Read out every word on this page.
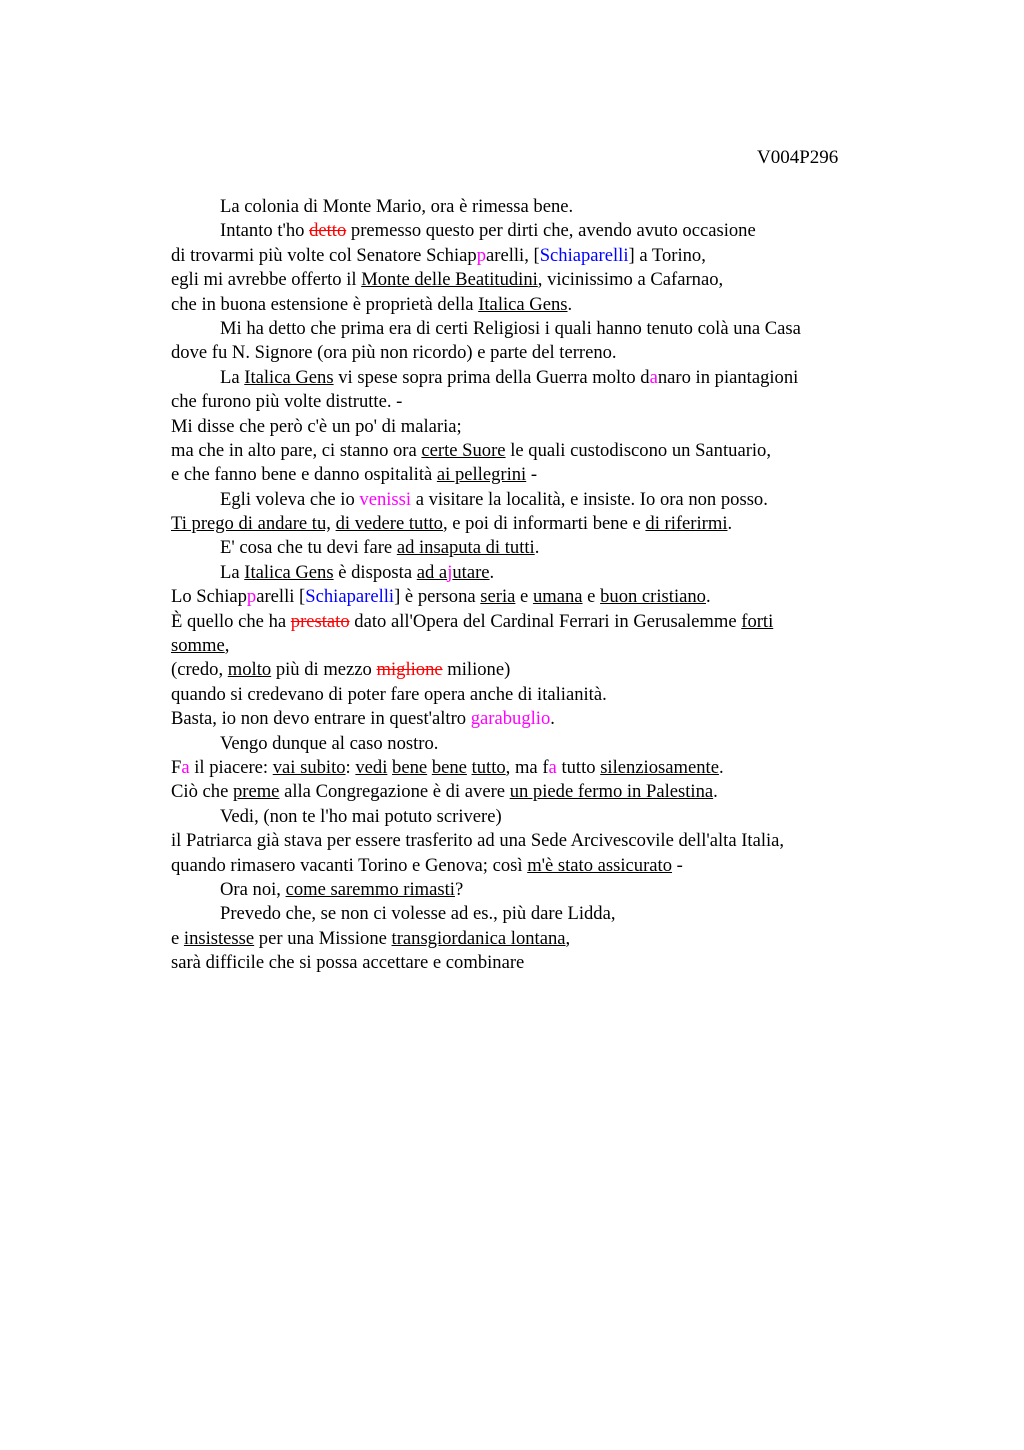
V004P296
La colonia di Monte Mario, ora è rimessa bene.
Intanto t'ho detto premesso questo per dirti che, avendo avuto occasione
di trovarmi più volte col Senatore Schiapparelli, [Schiaparelli] a Torino,
egli mi avrebbe offerto il Monte delle Beatitudini, vicinissimo a Cafarnao,
che in buona estensione è proprietà della Italica Gens.
Mi ha detto che prima era di certi Religiosi i quali hanno tenuto colà una Casa
dove fu N. Signore (ora più non ricordo) e parte del terreno.
La Italica Gens vi spese sopra prima della Guerra molto danaro in piantagioni
che furono più volte distrutte. -
Mi disse che però c'è un po' di malaria;
ma che in alto pare, ci stanno ora certe Suore le quali custodiscono un Santuario,
e che fanno bene e danno ospitalità ai pellegrini -
Egli voleva che io venissi a visitare la località, e insiste. Io ora non posso.
Ti prego di andare tu, di vedere tutto, e poi di informarti bene e di riferirmi.
E' cosa che tu devi fare ad insaputa di tutti.
La Italica Gens è disposta ad ajutare.
Lo Schiapparelli [Schiaparelli] è persona seria e umana e buon cristiano.
È quello che ha prestato dato all'Opera del Cardinal Ferrari in Gerusalemme forti
somme,
(credo, molto più di mezzo miglione milione)
quando si credevano di poter fare opera anche di italianità.
Basta, io non devo entrare in quest'altro garabuglio.
Vengo dunque al caso nostro.
Fa il piacere: vai subito: vedi bene bene tutto, ma fa tutto silenziosamente.
Ciò che preme alla Congregazione è di avere un piede fermo in Palestina.
Vedi, (non te l'ho mai potuto scrivere)
il Patriarca già stava per essere trasferito ad una Sede Arcivescovile dell'alta Italia,
quando rimasero vacanti Torino e Genova; così m'è stato assicurato -
Ora noi, come saremmo rimasti?
Prevedo che, se non ci volesse ad es., più dare Lidda,
e insistesse per una Missione transgiordanica lontana,
sarà difficile che si possa accettare e combinare
